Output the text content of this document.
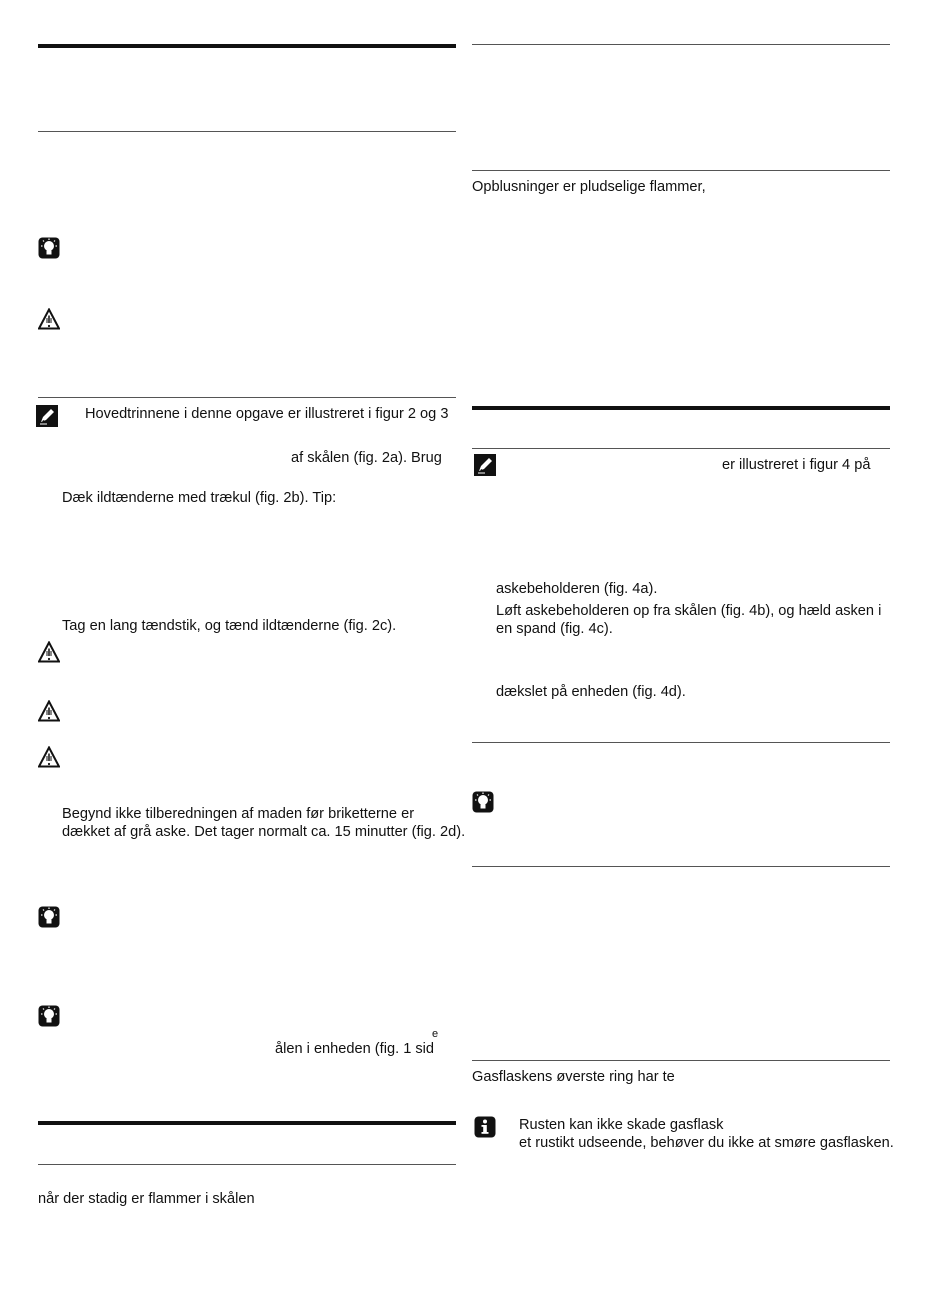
Hovedtrinnene i denne opgave er illustreret i figur 2 og 3
af skålen (fig. 2a). Brug
Dæk ildtænderne med trækul (fig. 2b). Tip:
Tag en lang tændstik, og tænd ildtænderne (fig. 2c).
Begynd ikke tilberedningen af maden før briketterne er
dækket af grå aske. Det tager normalt ca. 15 minutter (fig. 2d).
ålen i enheden (fig. 1 sid
e
når der stadig er flammer i skålen
Opblusninger er pludselige flammer,
er illustreret i figur 4 på
askebeholderen (fig. 4a).
Løft askebeholderen op fra skålen (fig. 4b), og hæld asken i
en spand (fig. 4c).
dækslet på enheden (fig. 4d).
Gasflaskens øverste ring har te
Rusten kan ikke skade gasflask
et rustikt udseende, behøver du ikke at smøre gasflasken.
